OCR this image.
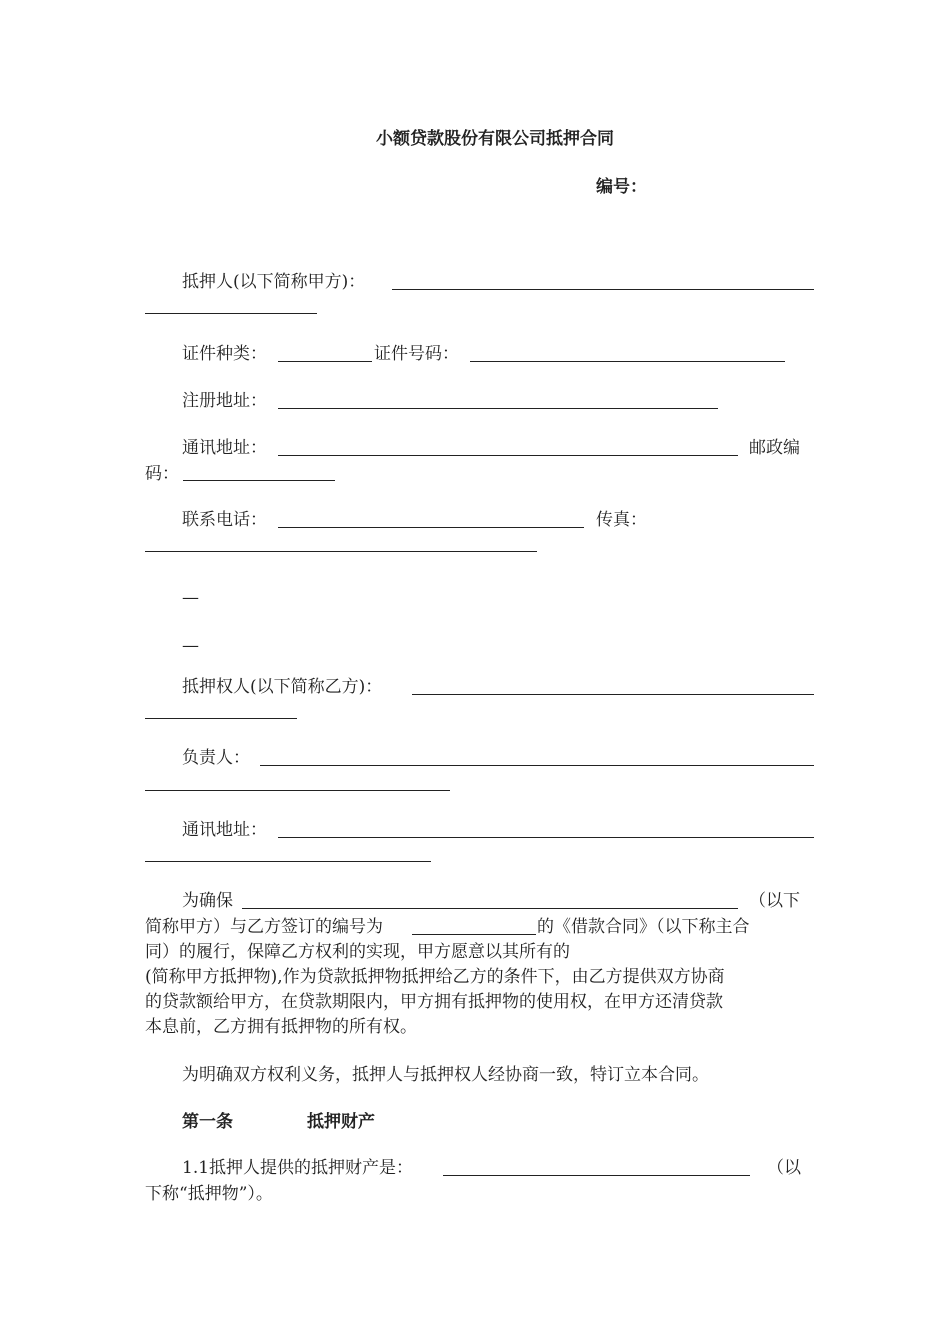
小额贷款股份有限公司抵押合同
编号：
抵押人(以下简称甲方)：
证件种类：	证件号码：
注册地址：
通讯地址：	邮政编
码：
联系电话：	传真：
—
—
抵押权人(以下简称乙方)：
负责人：
通讯地址：
为确保	（以下
简称甲方）与乙方签订的编号为	的《借款合同》（以下称主合
同）的履行，保障乙方权利的实现，甲方愿意以其所有的
(简称甲方抵押物),作为贷款抵押物抵押给乙方的条件下，由乙方提供双方协商
的贷款额给甲方，在贷款期限内，甲方拥有抵押物的使用权，在甲方还清贷款
本息前，乙方拥有抵押物的所有权。
为明确双方权利义务，抵押人与抵押权人经协商一致，特订立本合同。
第一条	抵押财产
1.1抵押人提供的抵押财产是：	（以
下称“抵押物”）。
